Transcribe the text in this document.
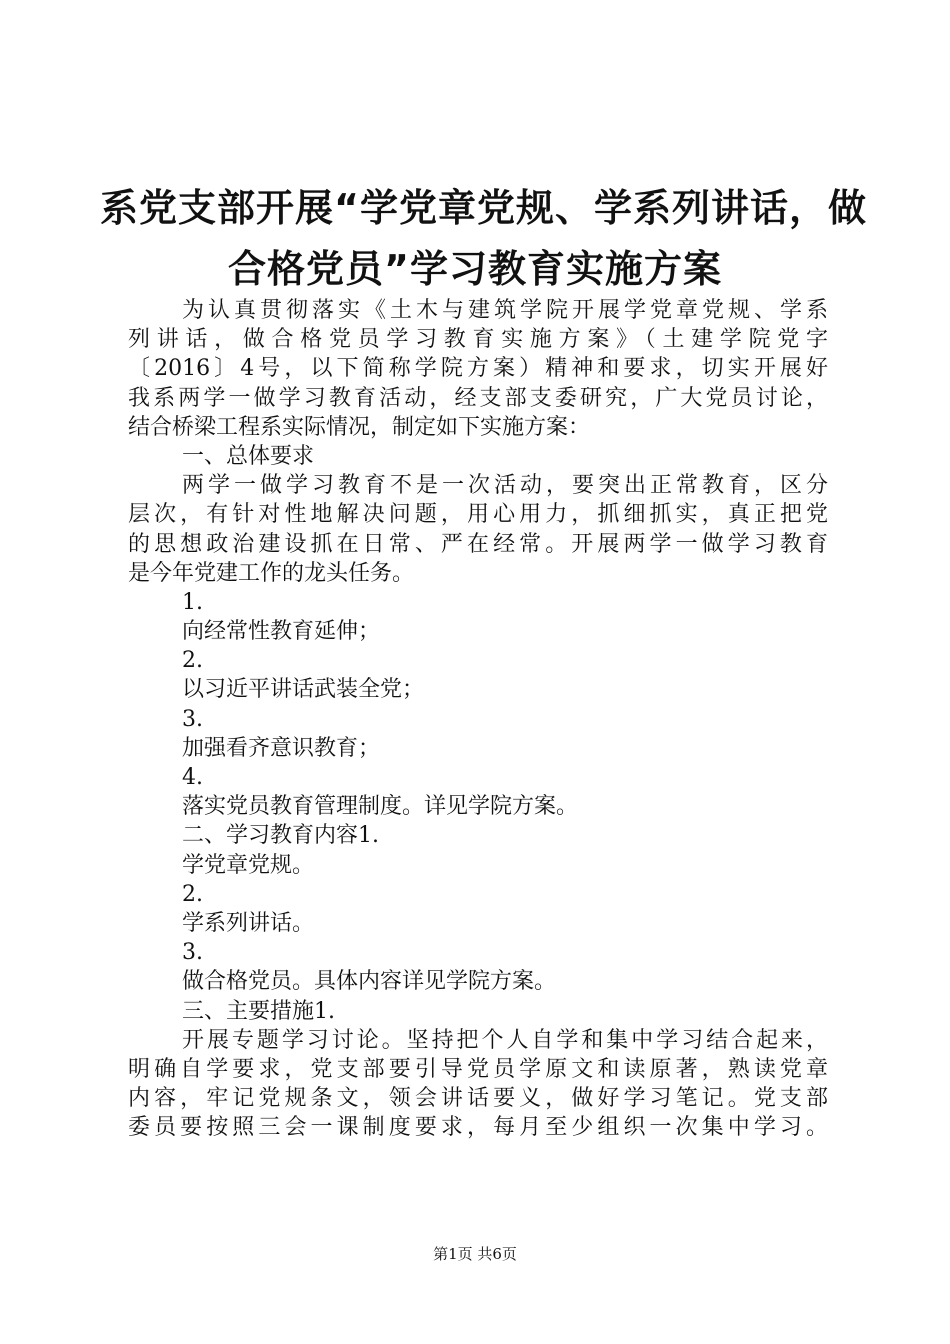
系党支部开展“学党章党规、学系列讲话，做
合格党员”学习教育实施方案
为认真贯彻落实《土木与建筑学院开展学党章党规、学系
列讲话，做合格党员学习教育实施方案》（土建学院党字
〔2016〕4号，以下简称学院方案）精神和要求，切实开展好
我系两学一做学习教育活动，经支部支委研究，广大党员讨论，
结合桥梁工程系实际情况，制定如下实施方案：
一、总体要求
两学一做学习教育不是一次活动，要突出正常教育，区分
层次，有针对性地解决问题，用心用力，抓细抓实，真正把党
的思想政治建设抓在日常、严在经常。开展两学一做学习教育
是今年党建工作的龙头任务。
1.
向经常性教育延伸；
2.
以习近平讲话武装全党；
3.
加强看齐意识教育；
4.
落实党员教育管理制度。详见学院方案。
二、学习教育内容1.
学党章党规。
2.
学系列讲话。
3.
做合格党员。具体内容详见学院方案。
三、主要措施1.
开展专题学习讨论。坚持把个人自学和集中学习结合起来，
明确自学要求，党支部要引导党员学原文和读原著，熟读党章
内容，牢记党规条文，领会讲话要义，做好学习笔记。党支部
委员要按照三会一课制度要求，每月至少组织一次集中学习。
第1页 共6页
